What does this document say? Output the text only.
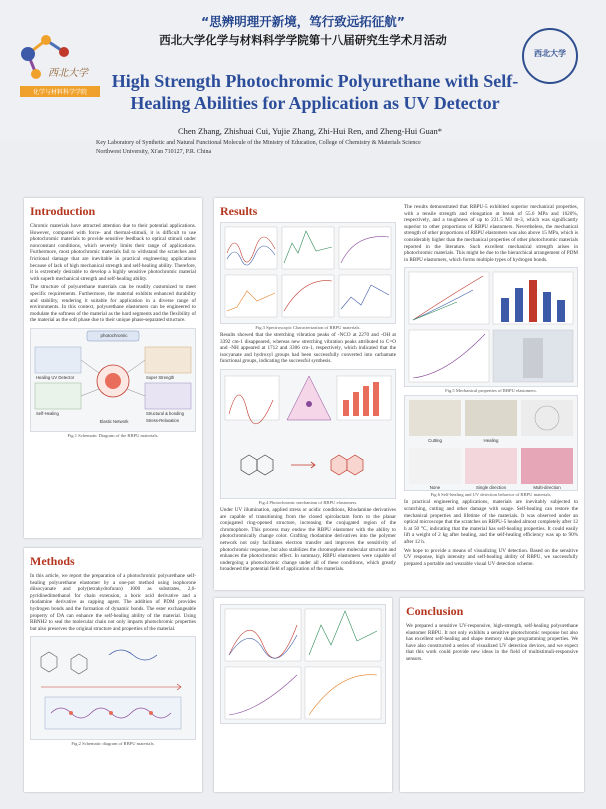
西北大学
化学与材料科学学院
“思辨明理开新境，笃行致远拓征航”
西北大学化学与材料科学学院第十八届研究生学术月活动
西北大学
High Strength Photochromic Polyurethane with Self-
Healing Abilities for Application as UV Detector
Chen Zhang, Zhishuai Cui, Yujie Zhang, Zhi-Hui Ren, and Zheng-Hui Guan*
Key Laboratory of Synthetic and Natural Functional Molecule of the Ministry of Education, College of Chemistry & Materials Science
Northwest University, Xi'an 710127, P.R. China
Introduction

Chromic materials have attracted attention due to their potential applications. However, compared with force- and thermal-stimuli, it is difficult to use photochromic materials to provide sensitive feedback to optical stimuli under nonconstant conditions, which severely limits their range of applications. Furthermore, most photochromic materials fail to withstand the scratches and frictional damage that are inevitable in practical engineering applications because of lack of high mechanical strength and self-healing ability. Therefore, it is extremely desirable to develop a highly sensitive photochromic material with superb mechanical strength and self-healing ability.

The structure of polyurethane materials can be readily customized to meet specific requirements. Furthermore, the material exhibits enhanced durability and stability, rendering it suitable for application in a diverse range of environments. In this context, polyurethane elastomers can be engineered to modulate the softness of the material as the hard segments and the flexibility of the material as the soft phase due to their unique phase-separated structure.

photochromic
Healing UV Detector	Super Strength
Self-Healing	Structural & bonding
Stress-Relaxation
Elastic Network
Fig.1 Schematic Diagram of the RBPU materials.
Methods

In this article, we report the preparation of a photochromic polyurethane self-healing polyurethane elastomer by a one-pot method using isophorone diisocyanate and poly(tetrahydrofuran) 1000 as substrates, 2,6-pyridinedimethanol for chain extension, a boric acid derivative and a rhodamine derivative as capping agent. The addition of PDM provides hydrogen bonds and the formation of dynamic bonds. The ester exchangeable property of DA can enhance the self-healing ability of the material. Using RBNH2 to seal the molecular chain not only imparts photochromic properties but also preserves the original structure and properties of the material.

Fig.2 Schematic diagram of RBPU materials.
Results
Fig.3 Spectroscopic Characterization of RBPU materials.

Results showed that the stretching vibration peaks of -NCO at 2270 and -OH at 3392 cm-1 disappeared, whereas new stretching vibration peaks attributed to C=O and -NH appeared at 1712 and 3306 cm-1, respectively, which indicated that the isocyanate and hydroxyl groups had been successfully converted into carbamate functional groups, indicating the successful synthesis.

Fig.4 Photochromic mechanism of RBPU elastomers.

Under UV illumination, applied stress or acidic conditions, Rhodamine derivatives are capable of transitioning from the closed spirolactam form to the planar conjugated ring-opened structure, increasing the conjugated region of the chromophore. This process may endow the RBPU elastomer with the ability to photochromically change color. Grafting rhodamine derivatives into the polymer network not only facilitates electron transfer and improves the sensitivity of photochromic response, but also stabilizes the chromophore molecular structure and enhances the photochromic effect. In summary, RBPU elastomers were capable of undergoing a photochromic change under all of these conditions, which greatly broadened the potential field of application of the materials.

The results demonstrated that RBPU-5 exhibited superior mechanical properties, with a tensile strength and elongation at break of 55.6 MPa and 1620%, respectively, and a toughness of up to 231.5 MJ m-3, which was significantly superior to other proportions of RBPU elastomers. Nevertheless, the mechanical strength of other proportions of RBPU elastomers was also above 15 MPa, which is considerably higher than the mechanical properties of other photochromic materials reported in the literature. Such excellent mechanical strength arises in photochromic materials. This might be due to the hierarchical arrangement of PDM in RBPU elastomers, which forms multiple types of hydrogen bonds.

Fig.5 Mechanical properties of RBPU elastomers.
Cutting	Healing
None	Single direction	Multi-direction
Fig.6 Self-healing and UV detection behavior of RBPU materials.

In practical engineering applications, materials are inevitably subjected to scratching, cutting and other damage with usage. Self-healing can restore the mechanical properties and lifetime of the materials. It was observed under an optical microscope that the scratches on RBPU-5 healed almost completely after 12 h at 50 °C, indicating that the material has self-healing properties. It could easily lift a weight of 2 kg after healing, and the self-healing efficiency was up to 90% after 12 h.

We hope to provide a means of visualizing UV detection. Based on the sensitive UV response, high intensity and self-healing ability of RBPU, we successfully prepared a portable and wearable visual UV detection scheme.

Conclusion

We prepared a sensitive UV-responsive, high-strength, self-healing polyurethane elastomer RBPU. It not only exhibits a sensitive photochromic response but also has excellent self-healing and shape memory shape programming properties. We have also constructed a series of visualized UV detection devices, and we expect that this work could provide new ideas in the field of multistimuli-responsive sensors.
